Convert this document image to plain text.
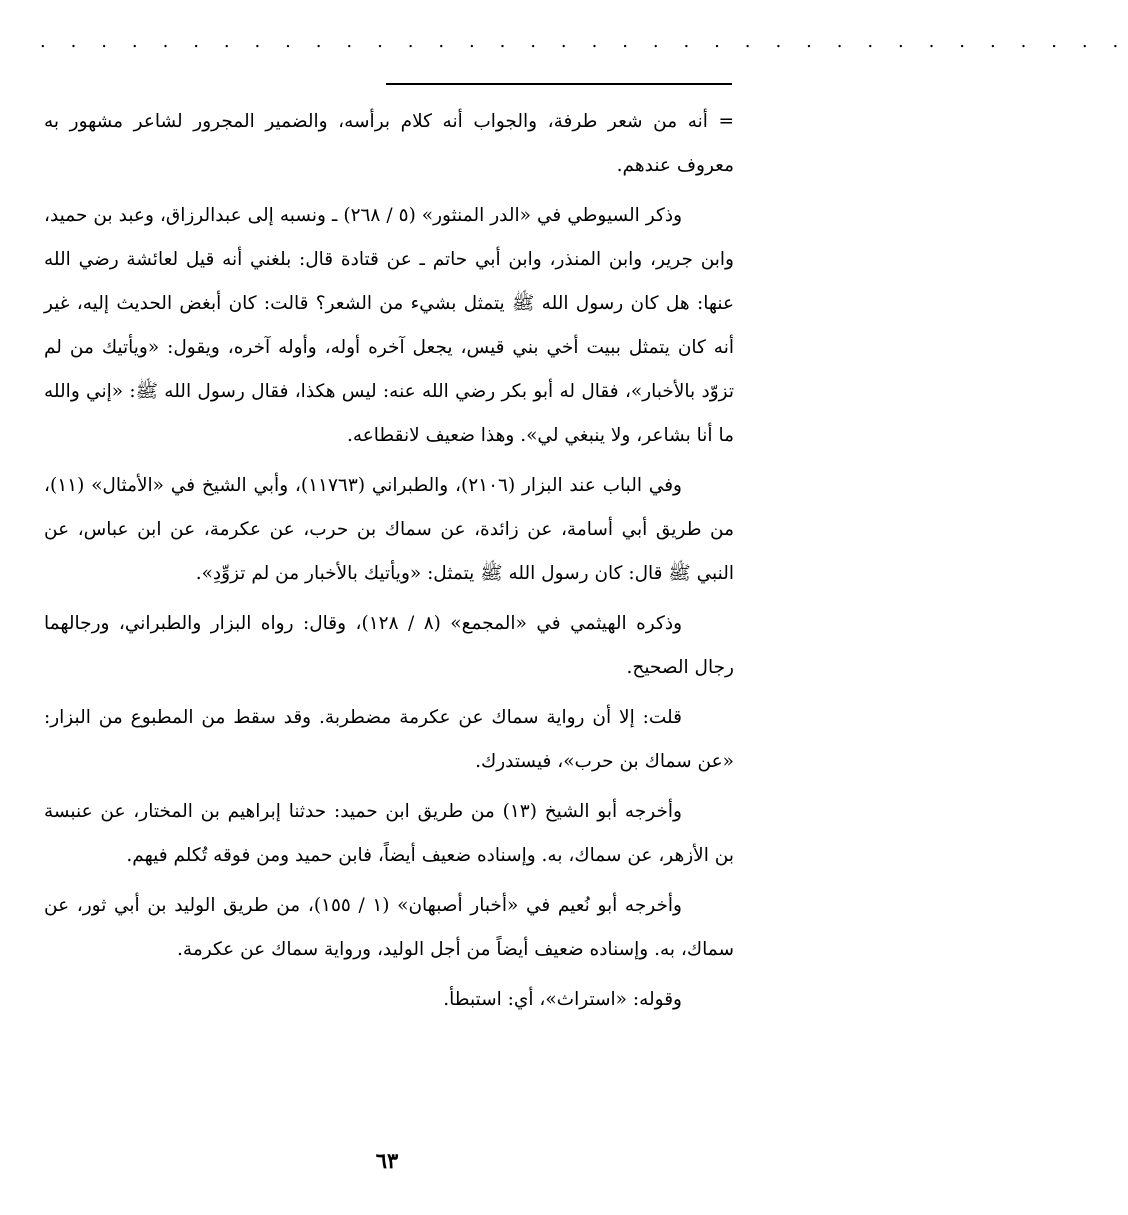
. . . . . . . . . . . . . . . . . . . . . . . . . . . . . . . . . . . .

= أنه من شعر طرفة، والجواب أنه كلام برأسه، والضمير المجرور لشاعر مشهور به معروف عندهم.

وذكر السيوطي في «الدر المنثور» (٥ / ٢٦٨) ـ ونسبه إلى عبدالرزاق، وعبد بن حميد، وابن جرير، وابن المنذر، وابن أبي حاتم ـ عن قتادة قال: بلغني أنه قيل لعائشة رضي الله عنها: هل كان رسول الله ﷺ يتمثل بشيء من الشعر؟ قالت: كان أبغض الحديث إليه، غير أنه كان يتمثل ببيت أخي بني قيس، يجعل آخره أوله، وأوله آخره، ويقول: «ويأتيك من لم تزوّد بالأخبار»، فقال له أبو بكر رضي الله عنه: ليس هكذا، فقال رسول الله ﷺ: «إني والله ما أنا بشاعر، ولا ينبغي لي». وهذا ضعيف لانقطاعه.

وفي الباب عند البزار (٢١٠٦)، والطبراني (١١٧٦٣)، وأبي الشيخ في «الأمثال» (١١)، من طريق أبي أسامة، عن زائدة، عن سماك بن حرب، عن عكرمة، عن ابن عباس، عن النبي ﷺ قال: كان رسول الله ﷺ يتمثل: «ويأتيك بالأخبار من لم تزوِّدِ».

وذكره الهيثمي في «المجمع» (٨ / ١٢٨)، وقال: رواه البزار والطبراني، ورجالهما رجال الصحيح.

قلت: إلا أن رواية سماك عن عكرمة مضطربة. وقد سقط من المطبوع من البزار: «عن سماك بن حرب»، فيستدرك.

وأخرجه أبو الشيخ (١٣) من طريق ابن حميد: حدثنا إبراهيم بن المختار، عن عنبسة بن الأزهر، عن سماك، به. وإسناده ضعيف أيضاً، فابن حميد ومن فوقه تُكلم فيهم.

وأخرجه أبو نُعيم في «أخبار أصبهان» (١ / ١٥٥)، من طريق الوليد بن أبي ثور، عن سماك، به. وإسناده ضعيف أيضاً من أجل الوليد، ورواية سماك عن عكرمة.

وقوله: «استراث»، أي: استبطأ.

٦٣
